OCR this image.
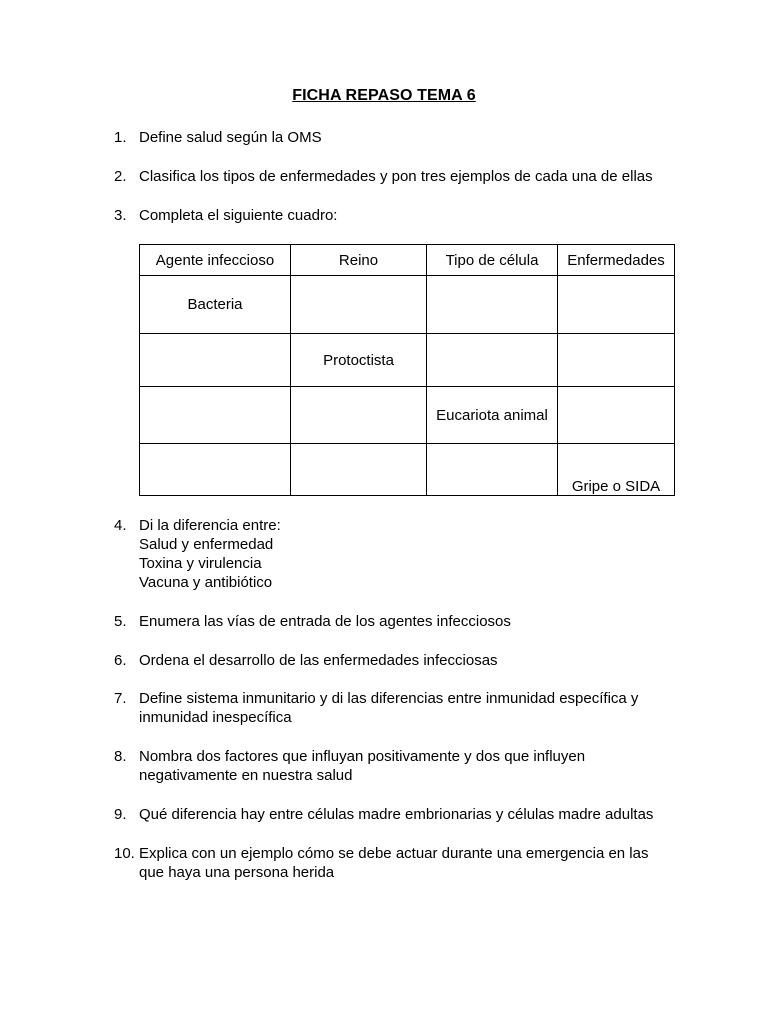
FICHA REPASO TEMA 6
1. Define salud según la OMS
2. Clasifica los tipos de enfermedades y pon tres ejemplos de cada una de ellas
3. Completa el siguiente cuadro:
Agente infeccioso	Reino	Tipo de célula	Enfermedades
Bacteria			
	Protoctista		
		Eucariota animal	
			Gripe o SIDA
4. Di la diferencia entre:
Salud y enfermedad
Toxina y virulencia
Vacuna y antibiótico
5. Enumera las vías de entrada de los agentes infecciosos
6. Ordena el desarrollo de las enfermedades infecciosas
7. Define sistema inmunitario y di las diferencias entre inmunidad específica y
inmunidad inespecífica
8. Nombra dos factores que influyan positivamente y dos que influyen
negativamente en nuestra salud
9. Qué diferencia hay entre células madre embrionarias y células madre adultas
10. Explica con un ejemplo cómo se debe actuar durante una emergencia en las
que haya una persona herida
